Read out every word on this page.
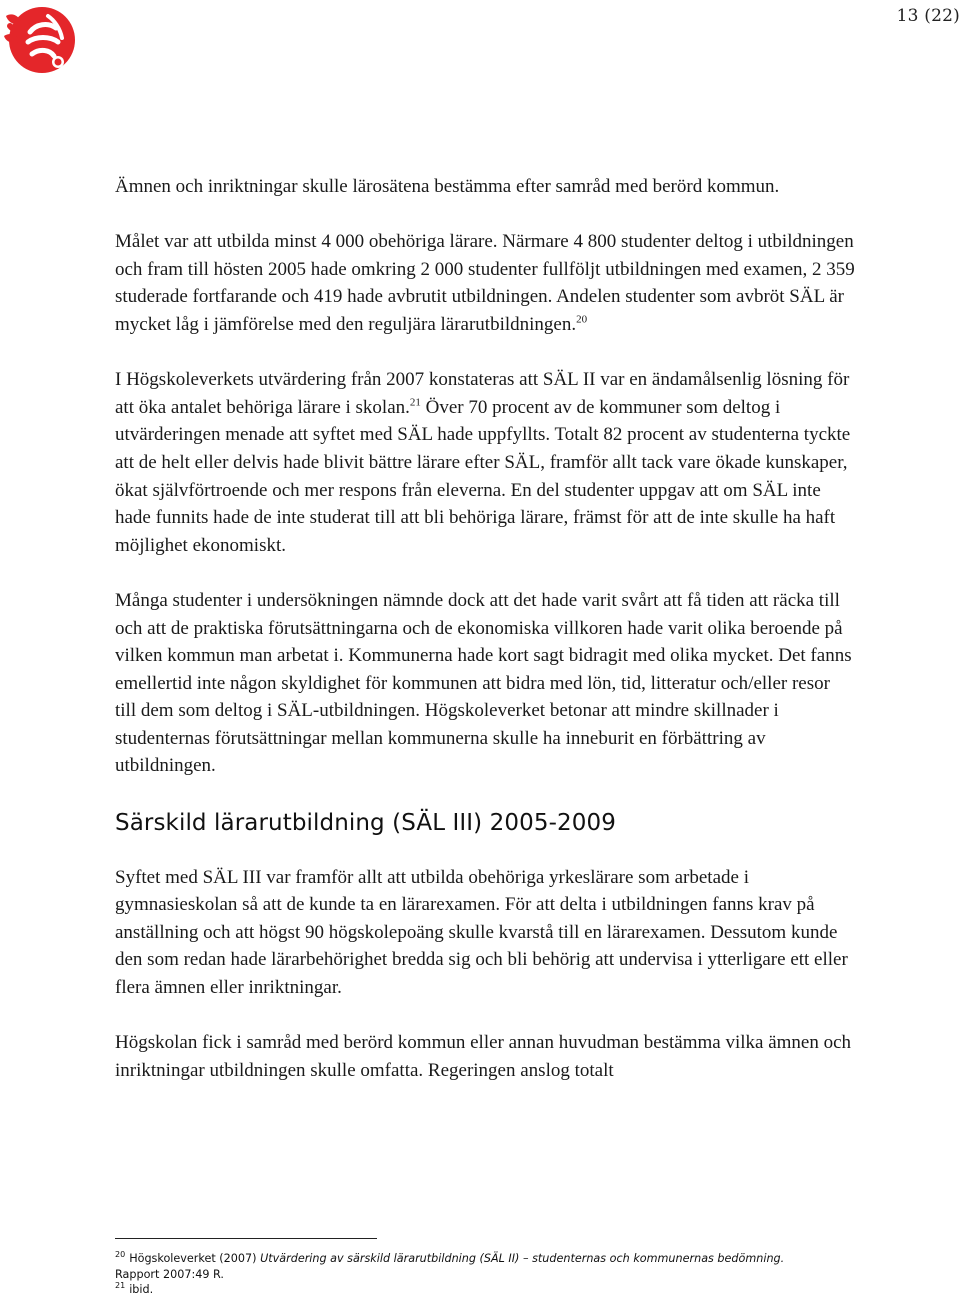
13 (22)

Ämnen och inriktningar skulle lärosätena bestämma efter samråd med berörd kommun.

Målet var att utbilda minst 4 000 obehöriga lärare. Närmare 4 800 studenter deltog i utbildningen och fram till hösten 2005 hade omkring 2 000 studenter fullföljt utbildningen med examen, 2 359 studerade fortfarande och 419 hade avbrutit utbildningen. Andelen studenter som avbröt SÄL är mycket låg i jämförelse med den reguljära lärarutbildningen.$^{20}$

I Högskoleverkets utvärdering från 2007 konstateras att SÄL II var en ändamålsenlig lösning för att öka antalet behöriga lärare i skolan.$^{21}$ Över 70 procent av de kommuner som deltog i utvärderingen menade att syftet med SÄL hade uppfyllts. Totalt 82 procent av studenterna tyckte att de helt eller delvis hade blivit bättre lärare efter SÄL, framför allt tack vare ökade kunskaper, ökat självförtroende och mer respons från eleverna. En del studenter uppgav att om SÄL inte hade funnits hade de inte studerat till att bli behöriga lärare, främst för att de inte skulle ha haft möjlighet ekonomiskt.

Många studenter i undersökningen nämnde dock att det hade varit svårt att få tiden att räcka till och att de praktiska förutsättningarna och de ekonomiska villkoren hade varit olika beroende på vilken kommun man arbetat i. Kommunerna hade kort sagt bidragit med olika mycket. Det fanns emellertid inte någon skyldighet för kommunen att bidra med lön, tid, litteratur och/eller resor till dem som deltog i SÄL-utbildningen. Högskoleverket betonar att mindre skillnader i studenternas förutsättningar mellan kommunerna skulle ha inneburit en förbättring av utbildningen.

Särskild lärarutbildning (SÄL III) 2005-2009

Syftet med SÄL III var framför allt att utbilda obehöriga yrkeslärare som arbetade i gymnasieskolan så att de kunde ta en lärarexamen. För att delta i utbildningen fanns krav på anställning och att högst 90 högskolepoäng skulle kvarstå till en lärarexamen. Dessutom kunde den som redan hade lärarbehörighet bredda sig och bli behörig att undervisa i ytterligare ett eller flera ämnen eller inriktningar.

Högskolan fick i samråd med berörd kommun eller annan huvudman bestämma vilka ämnen och inriktningar utbildningen skulle omfatta. Regeringen anslog totalt

$^{20}$ Högskoleverket (2007) Utvärdering av särskild lärarutbildning (SÄL II) – studenternas och kommunernas bedömning.

Rapport 2007:49 R.

$^{21}$ ibid.
